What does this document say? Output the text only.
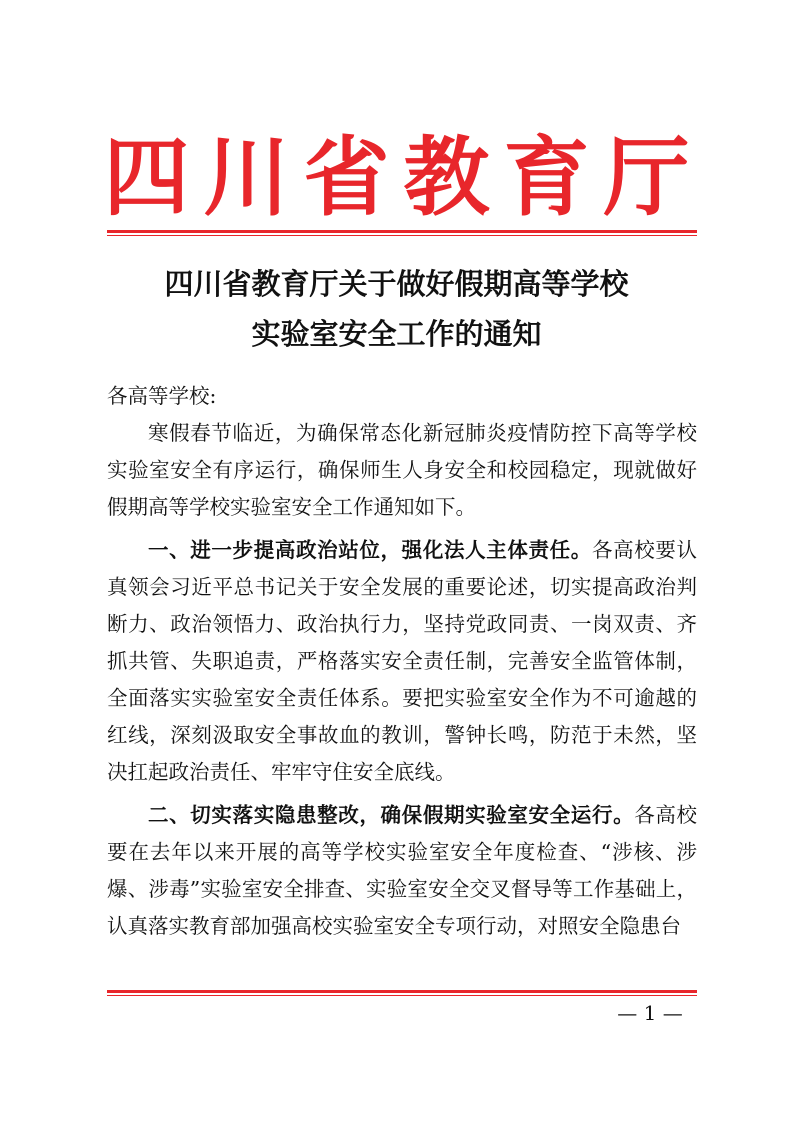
四川省教育厅
四川省教育厅关于做好假期高等学校
实验室安全工作的通知

各高等学校:

寒假春节临近，为确保常态化新冠肺炎疫情防控下高等学校实验室安全有序运行，确保师生人身安全和校园稳定，现就做好假期高等学校实验室安全工作通知如下。

一、进一步提高政治站位，强化法人主体责任。各高校要认真领会习近平总书记关于安全发展的重要论述，切实提高政治判断力、政治领悟力、政治执行力，坚持党政同责、一岗双责、齐抓共管、失职追责，严格落实安全责任制，完善安全监管体制，全面落实实验室安全责任体系。要把实验室安全作为不可逾越的红线，深刻汲取安全事故血的教训，警钟长鸣，防范于未然，坚决扛起政治责任、牢牢守住安全底线。

二、切实落实隐患整改，确保假期实验室安全运行。各高校要在去年以来开展的高等学校实验室安全年度检查、“涉核、涉爆、涉毒”实验室安全排查、实验室安全交叉督导等工作基础上，认真落实教育部加强高校实验室安全专项行动，对照安全隐患台

— 1 —
